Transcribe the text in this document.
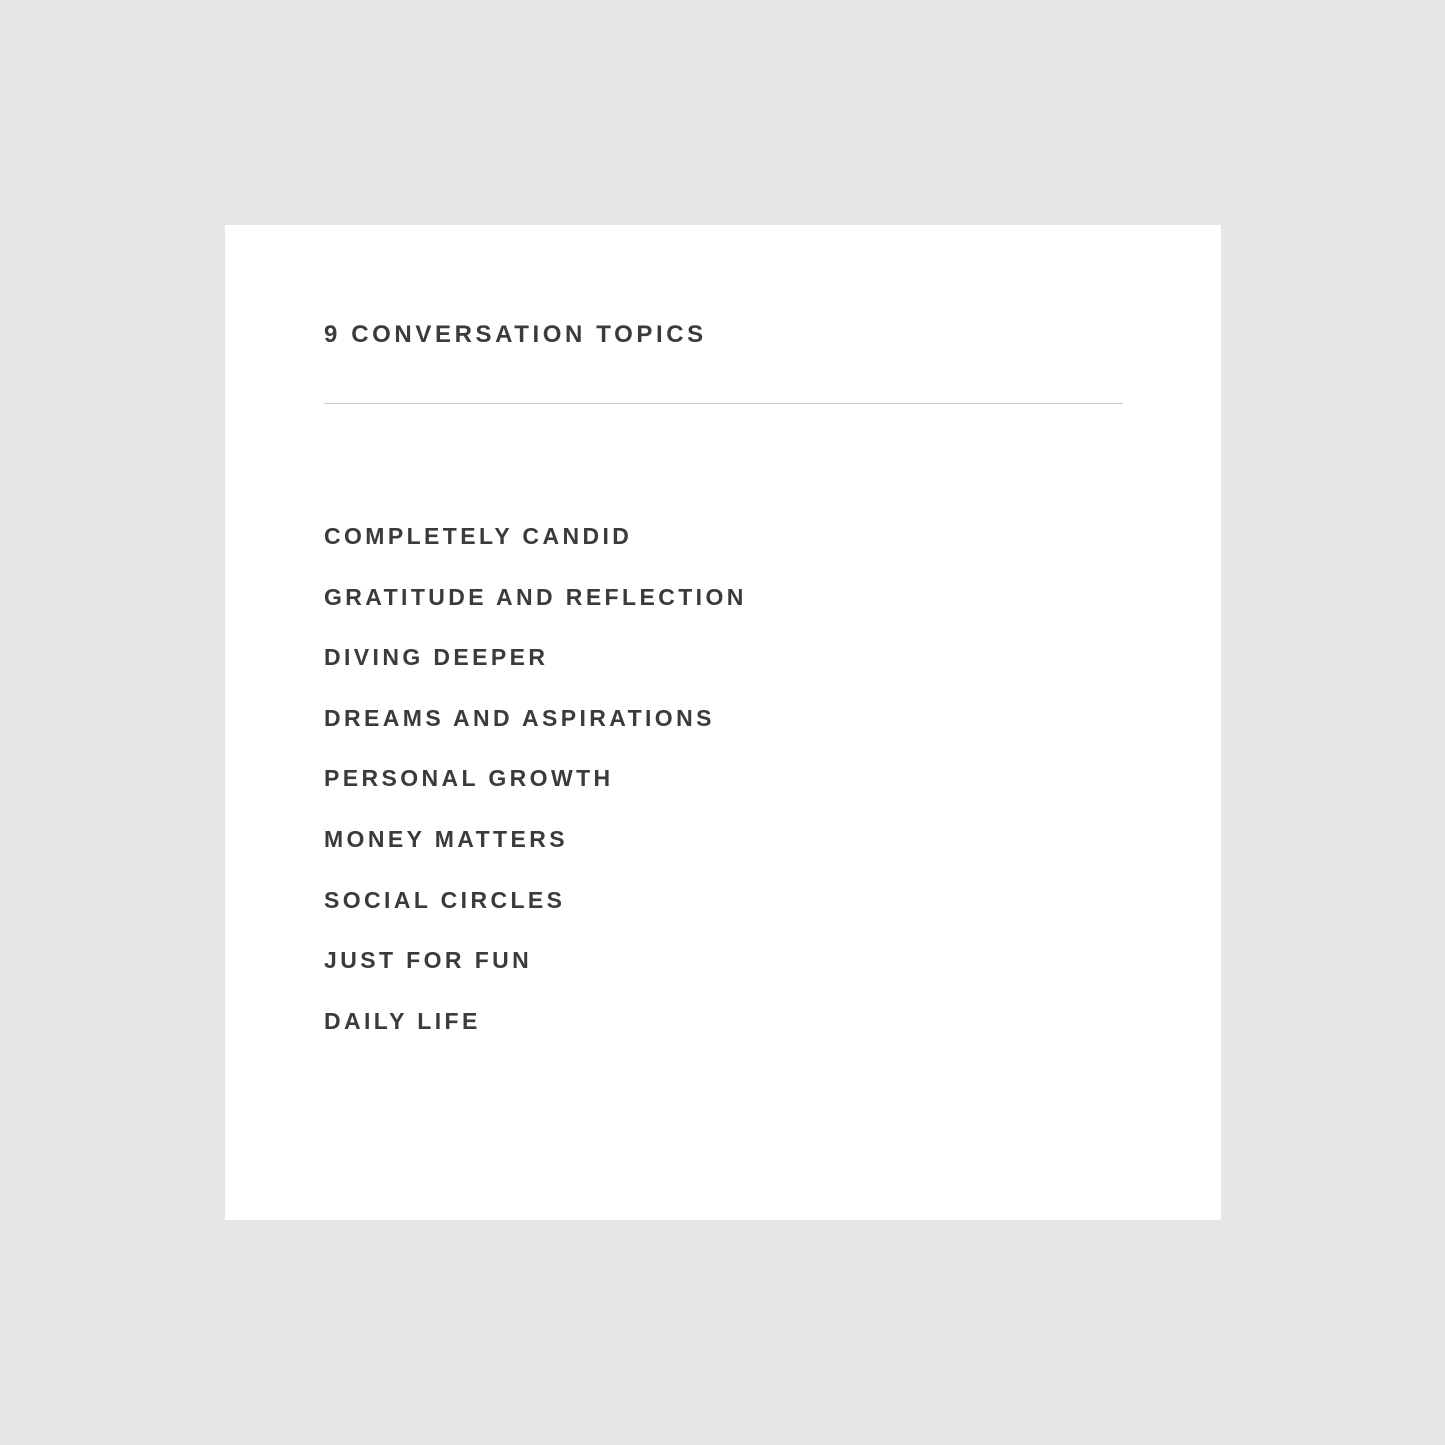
9 CONVERSATION TOPICS
COMPLETELY CANDID
GRATITUDE AND REFLECTION
DIVING DEEPER
DREAMS AND ASPIRATIONS
PERSONAL GROWTH
MONEY MATTERS
SOCIAL CIRCLES
JUST FOR FUN
DAILY LIFE
